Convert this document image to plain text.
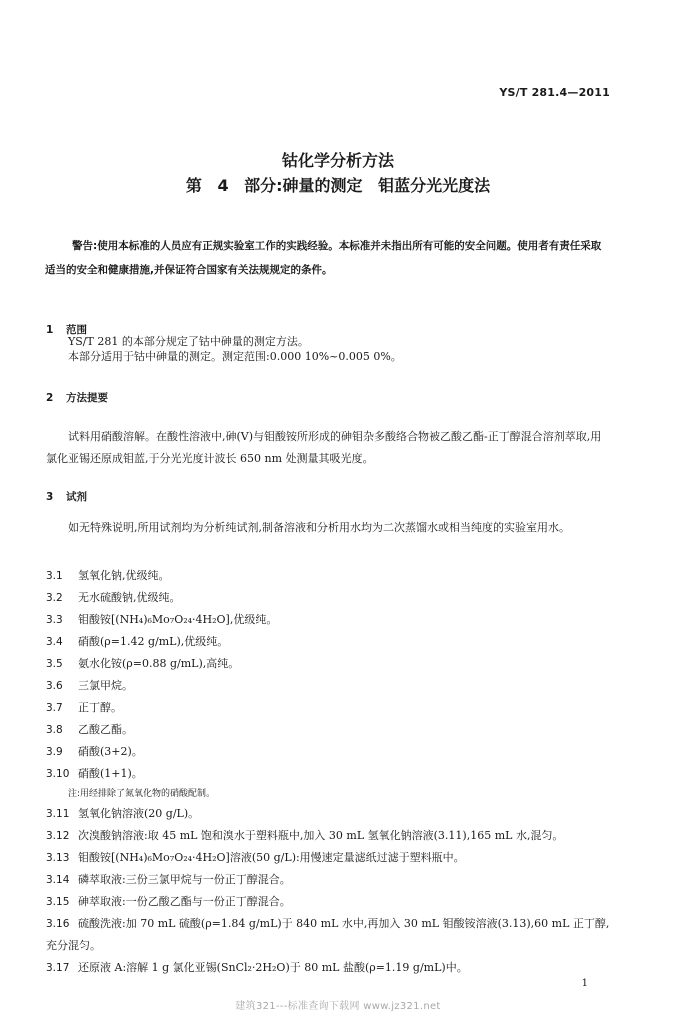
YS/T 281.4—2011
钴化学分析方法
第 4 部分:砷量的测定 钼蓝分光光度法
警告:使用本标准的人员应有正规实验室工作的实践经验。本标准并未指出所有可能的安全问题。使用者有责任采取适当的安全和健康措施,并保证符合国家有关法规规定的条件。
1 范围
YS/T 281 的本部分规定了钴中砷量的测定方法。
本部分适用于钴中砷量的测定。测定范围:0.000 10%~0.005 0%。
2 方法提要
试料用硝酸溶解。在酸性溶液中,砷(Ⅴ)与钼酸铵所形成的砷钼杂多酸络合物被乙酸乙酯-正丁醇混合溶剂萃取,用氯化亚锡还原成钼蓝,于分光光度计波长 650 nm 处测量其吸光度。
3 试剂
如无特殊说明,所用试剂均为分析纯试剂,制备溶液和分析用水均为二次蒸馏水或相当纯度的实验室用水。
3.1	氢氧化钠,优级纯。
3.2	无水硫酸钠,优级纯。
3.3	钼酸铵[(NH₄)₆Mo₇O₂₄·4H₂O],优级纯。
3.4	硝酸(ρ=1.42 g/mL),优级纯。
3.5	氨水化铵(ρ=0.88 g/mL),高纯。
3.6	三氯甲烷。
3.7	正丁醇。
3.8	乙酸乙酯。
3.9	硝酸(3+2)。
3.10 硝酸(1+1)。
注:用经排除了氮氧化物的硝酸配制。
3.11 氢氧化钠溶液(20 g/L)。
3.12 次溴酸钠溶液:取 45 mL 饱和溴水于塑料瓶中,加入 30 mL 氢氧化钠溶液(3.11),165 mL 水,混匀。
3.13 钼酸铵[(NH₄)₆Mo₇O₂₄·4H₂O]溶液(50 g/L):用慢速定量滤纸过滤于塑料瓶中。
3.14 磷萃取液:三份三氯甲烷与一份正丁醇混合。
3.15 砷萃取液:一份乙酸乙酯与一份正丁醇混合。
3.16 硫酸洗液:加 70 mL 硫酸(ρ=1.84 g/mL)于 840 mL 水中,再加入 30 mL 钼酸铵溶液(3.13),60 mL 正丁醇,充分混匀。
3.17 还原液 A:溶解 1 g 氯化亚锡(SnCl₂·2H₂O)于 80 mL 盐酸(ρ=1.19 g/mL)中。
1
建筑321---标准查询下载网 www.jz321.net
